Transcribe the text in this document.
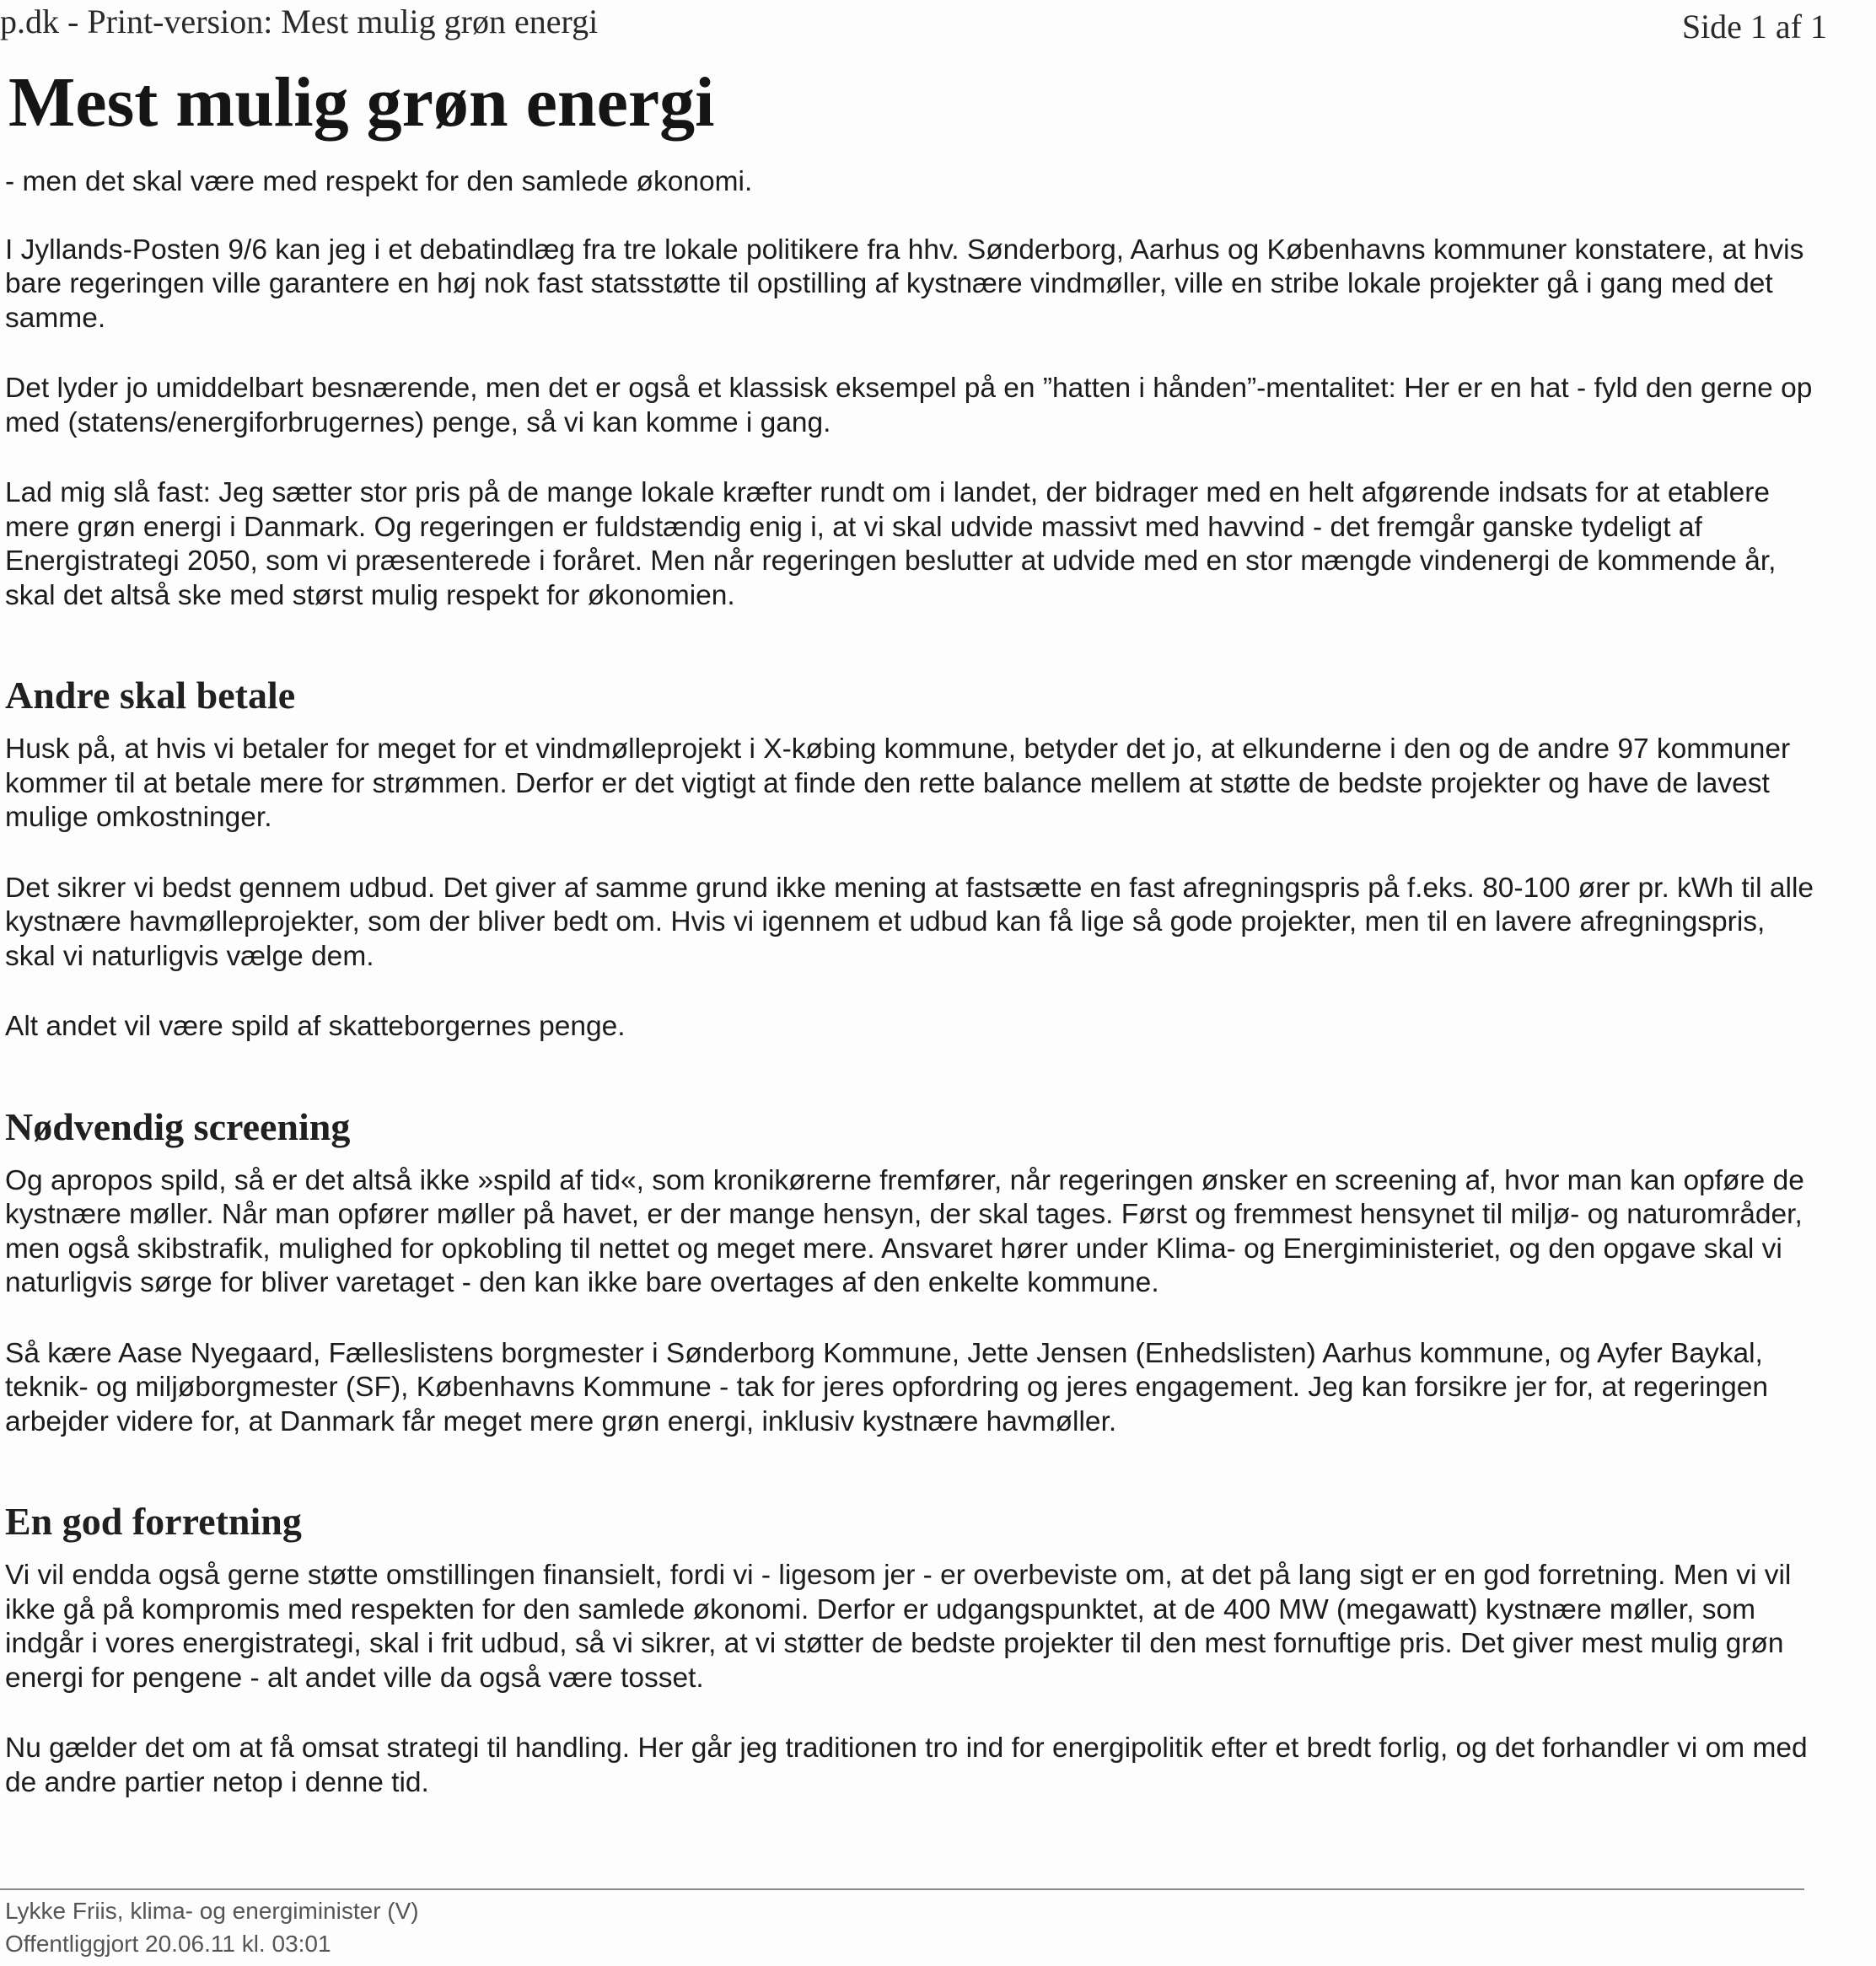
p.dk - Print-version: Mest mulig grøn energi	Side 1 af 1
Mest mulig grøn energi

- men det skal være med respekt for den samlede økonomi.

I Jyllands-Posten 9/6 kan jeg i et debatindlæg fra tre lokale politikere fra hhv. Sønderborg, Aarhus og Københavns kommuner konstatere, at hvis bare regeringen ville garantere en høj nok fast statsstøtte til opstilling af kystnære vindmøller, ville en stribe lokale projekter gå i gang med det samme.

Det lyder jo umiddelbart besnærende, men det er også et klassisk eksempel på en ”hatten i hånden”-mentalitet: Her er en hat - fyld den gerne op med (statens/energiforbrugernes) penge, så vi kan komme i gang.

Lad mig slå fast: Jeg sætter stor pris på de mange lokale kræfter rundt om i landet, der bidrager med en helt afgørende indsats for at etablere mere grøn energi i Danmark. Og regeringen er fuldstændig enig i, at vi skal udvide massivt med havvind - det fremgår ganske tydeligt af Energistrategi 2050, som vi præsenterede i foråret. Men når regeringen beslutter at udvide med en stor mængde vindenergi de kommende år, skal det altså ske med størst mulig respekt for økonomien.

Andre skal betale

Husk på, at hvis vi betaler for meget for et vindmølleprojekt i X-købing kommune, betyder det jo, at elkunderne i den og de andre 97 kommuner kommer til at betale mere for strømmen. Derfor er det vigtigt at finde den rette balance mellem at støtte de bedste projekter og have de lavest mulige omkostninger.

Det sikrer vi bedst gennem udbud. Det giver af samme grund ikke mening at fastsætte en fast afregningspris på f.eks. 80-100 ører pr. kWh til alle kystnære havmølleprojekter, som der bliver bedt om. Hvis vi igennem et udbud kan få lige så gode projekter, men til en lavere afregningspris, skal vi naturligvis vælge dem.

Alt andet vil være spild af skatteborgernes penge.

Nødvendig screening

Og apropos spild, så er det altså ikke »spild af tid«, som kronikørerne fremfører, når regeringen ønsker en screening af, hvor man kan opføre de kystnære møller. Når man opfører møller på havet, er der mange hensyn, der skal tages. Først og fremmest hensynet til miljø- og naturområder, men også skibstrafik, mulighed for opkobling til nettet og meget mere. Ansvaret hører under Klima- og Energiministeriet, og den opgave skal vi naturligvis sørge for bliver varetaget - den kan ikke bare overtages af den enkelte kommune.

Så kære Aase Nyegaard, Fælleslistens borgmester i Sønderborg Kommune, Jette Jensen (Enhedslisten) Aarhus kommune, og Ayfer Baykal, teknik- og miljøborgmester (SF), Københavns Kommune - tak for jeres opfordring og jeres engagement. Jeg kan forsikre jer for, at regeringen arbejder videre for, at Danmark får meget mere grøn energi, inklusiv kystnære havmøller.

En god forretning

Vi vil endda også gerne støtte omstillingen finansielt, fordi vi - ligesom jer - er overbeviste om, at det på lang sigt er en god forretning. Men vi vil ikke gå på kompromis med respekten for den samlede økonomi. Derfor er udgangspunktet, at de 400 MW (megawatt) kystnære møller, som indgår i vores energistrategi, skal i frit udbud, så vi sikrer, at vi støtter de bedste projekter til den mest fornuftige pris. Det giver mest mulig grøn energi for pengene - alt andet ville da også være tosset.

Nu gælder det om at få omsat strategi til handling. Her går jeg traditionen tro ind for energipolitik efter et bredt forlig, og det forhandler vi om med de andre partier netop i denne tid.

Lykke Friis, klima- og energiminister (V)
Offentliggjort 20.06.11 kl. 03:01
